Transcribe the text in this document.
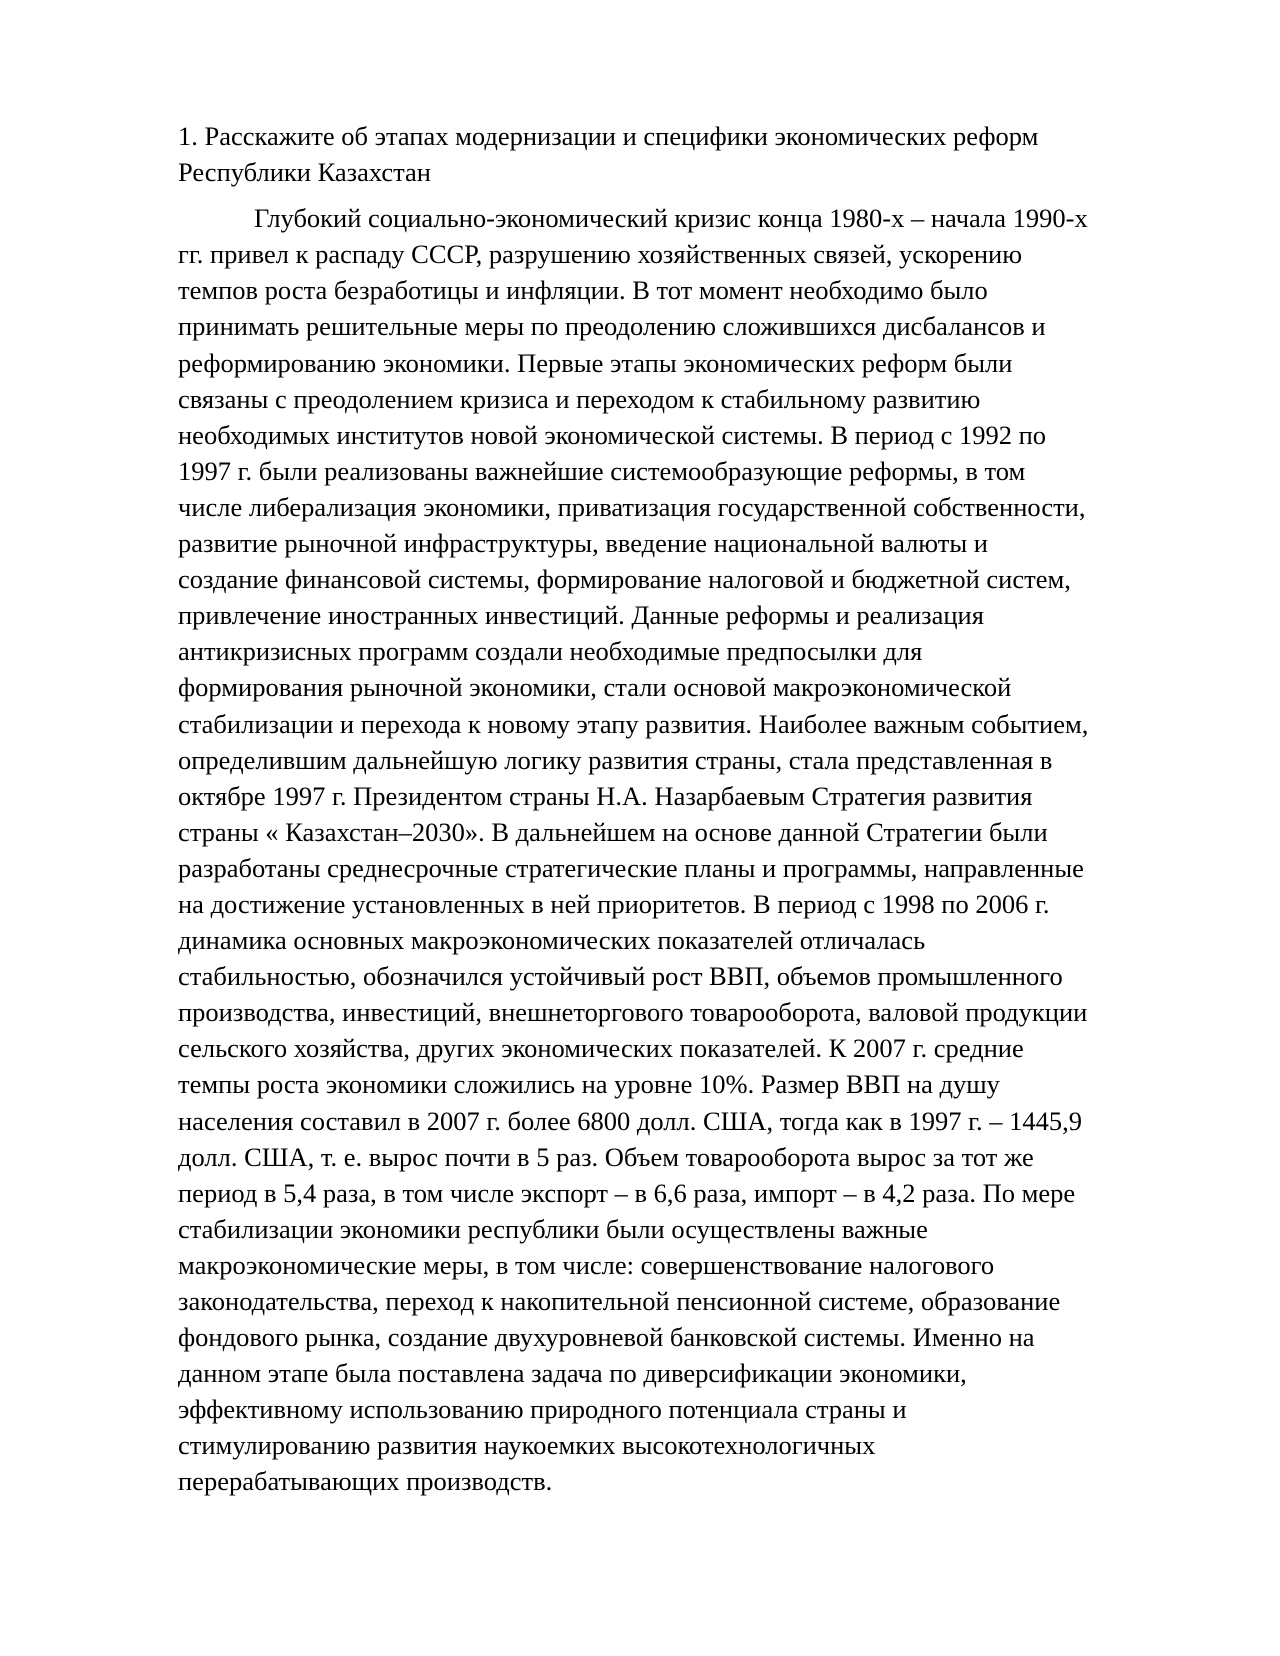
1. Расскажите об этапах модернизации и специфики экономических реформ
Республики Казахстан

Глубокий социально-экономический кризис конца 1980-х – начала 1990-х
гг. привел к распаду СССР, разрушению хозяйственных связей, ускорению
темпов роста безработицы и инфляции. В тот момент необходимо было
принимать решительные меры по преодолению сложившихся дисбалансов и
реформированию экономики. Первые этапы экономических реформ были
связаны с преодолением кризиса и переходом к стабильному развитию
необходимых институтов новой экономической системы. В период с 1992 по
1997 г. были реализованы важнейшие системообразующие реформы, в том
числе либерализация экономики, приватизация государственной собственности,
развитие рыночной инфраструктуры, введение национальной валюты и
создание финансовой системы, формирование налоговой и бюджетной систем,
привлечение иностранных инвестиций. Данные реформы и реализация
антикризисных программ создали необходимые предпосылки для
формирования рыночной экономики, стали основой макроэкономической
стабилизации и перехода к новому этапу развития. Наиболее важным событием,
определившим дальнейшую логику развития страны, стала представленная в
октябре 1997 г. Президентом страны Н.А. Назарбаевым Стратегия развития
страны « Казахстан–2030». В дальнейшем на основе данной Стратегии были
разработаны среднесрочные стратегические планы и программы, направленные
на достижение установленных в ней приоритетов. В период с 1998 по 2006 г.
динамика основных макроэкономических показателей отличалась
стабильностью, обозначился устойчивый рост ВВП, объемов промышленного
производства, инвестиций, внешнеторгового товарооборота, валовой продукции
сельского хозяйства, других экономических показателей. К 2007 г. средние
темпы роста экономики сложились на уровне 10%. Размер ВВП на душу
населения составил в 2007 г. более 6800 долл. США, тогда как в 1997 г. – 1445,9
долл. США, т. е. вырос почти в 5 раз. Объем товарооборота вырос за тот же
период в 5,4 раза, в том числе экспорт – в 6,6 раза, импорт – в 4,2 раза. По мере
стабилизации экономики республики были осуществлены важные
макроэкономические меры, в том числе: совершенствование налогового
законодательства, переход к накопительной пенсионной системе, образование
фондового рынка, создание двухуровневой банковской системы. Именно на
данном этапе была поставлена задача по диверсификации экономики,
эффективному использованию природного потенциала страны и
стимулированию развития наукоемких высокотехнологичных
перерабатывающих производств.
